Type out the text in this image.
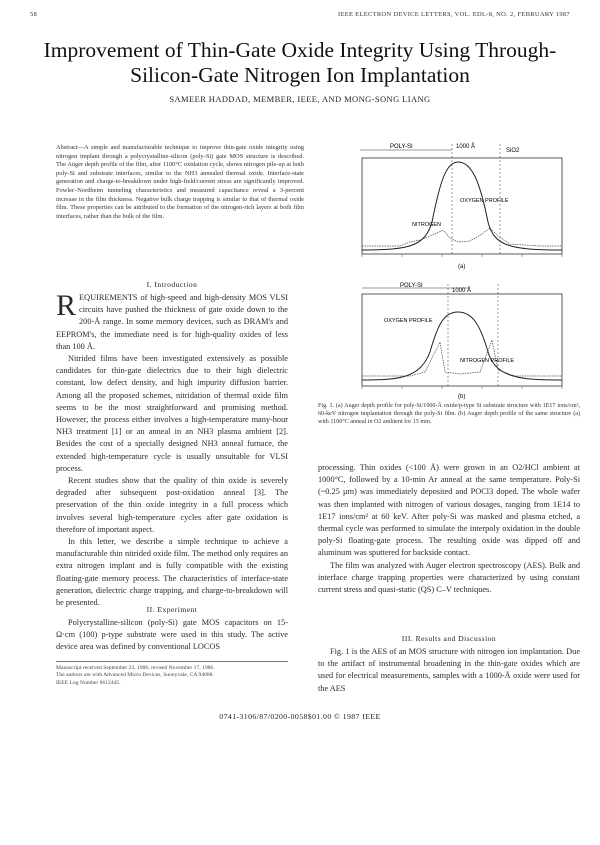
58	IEEE ELECTRON DEVICE LETTERS, VOL. EDL-8, NO. 2, FEBRUARY 1987
Improvement of Thin-Gate Oxide Integrity Using Through-Silicon-Gate Nitrogen Ion Implantation
SAMEER HADDAD, MEMBER, IEEE, AND MONG-SONG LIANG
Abstract—A simple and manufacturable technique to improve thin-gate oxide integrity using nitrogen implant through a polycrystalline-silicon (poly-Si) gate MOS structure is described. The Auger depth profile of the film, after 1100°C oxidation cycle, shows nitrogen pile-up at both poly-Si and substrate interfaces, similar to the NH3 annealed thermal oxide. Interface-state generation and charge-to-breakdown under high-field/current stress are significantly improved. Fowler–Nordheim tunneling characteristics and measured capacitance reveal a 3-percent increase in the film thickness. Negative bulk charge trapping is similar to that of thermal oxide film. These properties can be attributed to the formation of the nitrogen-rich layers at both film interfaces, rather than the bulk of the film.
I. Introduction

REQUIREMENTS of high-speed and high-density MOS VLSI circuits have pushed the thickness of gate oxide down to the 200-Å range. In some memory devices, such as DRAM's and EEPROM's, the immediate need is for high-quality oxides of less than 100 Å.

Nitrided films have been investigated extensively as possible candidates for thin-gate dielectrics due to their high dielectric constant, low defect density, and high impurity diffusion barrier. Among all the proposed schemes, nitridation of thermal oxide film seems to be the most straightforward and promising method. However, the process either involves a high-temperature many-hour NH3 treatment [1] or an anneal in an NH3 plasma ambient [2]. Besides the cost of a specially designed NH3 anneal furnace, the extended high-temperature cycle is usually unsuitable for VLSI process.

Recent studies show that the quality of thin oxide is severely degraded after subsequent post-oxidation anneal [3]. The preservation of the thin oxide integrity in a full process which involves several high-temperature cycles after gate oxidation is therefore of important aspect.

In this letter, we describe a simple technique to achieve a manufacturable thin nitrided oxide film. The method only requires an extra nitrogen implant and is fully compatible with the existing floating-gate memory process. The characteristics of interface-state generation, dielectric charge trapping, and charge-to-breakdown will be presented.

II. Experiment

Polycrystalline-silicon (poly-Si) gate MOS capacitors on 15-Ω·cm (100) p-type substrate were used in this study. The active device area was defined by conventional LOCOS

Manuscript received September 23, 1986; revised November 17, 1986.
The authors are with Advanced Micro Devices, Sunnyvale, CA 94088.
IEEE Log Number 8612445.
POLY-SI	1000 Å
SiO2
OXYGEN PROFILE
NITROGEN
(a)
POLY-SI
1000 Å
OXYGEN PROFILE
NITROGEN PROFILE
(b)
Fig. 1. (a) Auger depth profile for poly-Si/1000-Å oxide/p-type Si substrate structure with 1E17 ions/cm², 60-keV nitrogen implantation through the poly-Si film. (b) Auger depth profile of the same structure (a) with 1100°C anneal in O2 ambient for 15 min.

processing. Thin oxides (<100 Å) were grown in an O2/HCl ambient at 1000°C, followed by a 10-min Ar anneal at the same temperature. Poly-Si (~0.25 µm) was immediately deposited and POCl3 doped. The whole wafer was then implanted with nitrogen of various dosages, ranging from 1E14 to 1E17 ions/cm² at 60 keV. After poly-Si was masked and plasma etched, a thermal cycle was performed to simulate the interpoly oxidation in the double poly-Si floating-gate process. The resulting oxide was dipped off and aluminum was sputtered for backside contact.

The film was analyzed with Auger electron spectroscopy (AES). Bulk and interface charge trapping properties were characterized by using constant current stress and quasi-static (QS) C–V techniques.

III. Results and Discussion

Fig. 1 is the AES of an MOS structure with nitrogen ion implantation. Due to the artifact of instrumental broadening in the thin-gate oxides which are used for electrical measurements, samples with a 1000-Å oxide were used for the AES

0741-3106/87/0200-0058$01.00 © 1987 IEEE
